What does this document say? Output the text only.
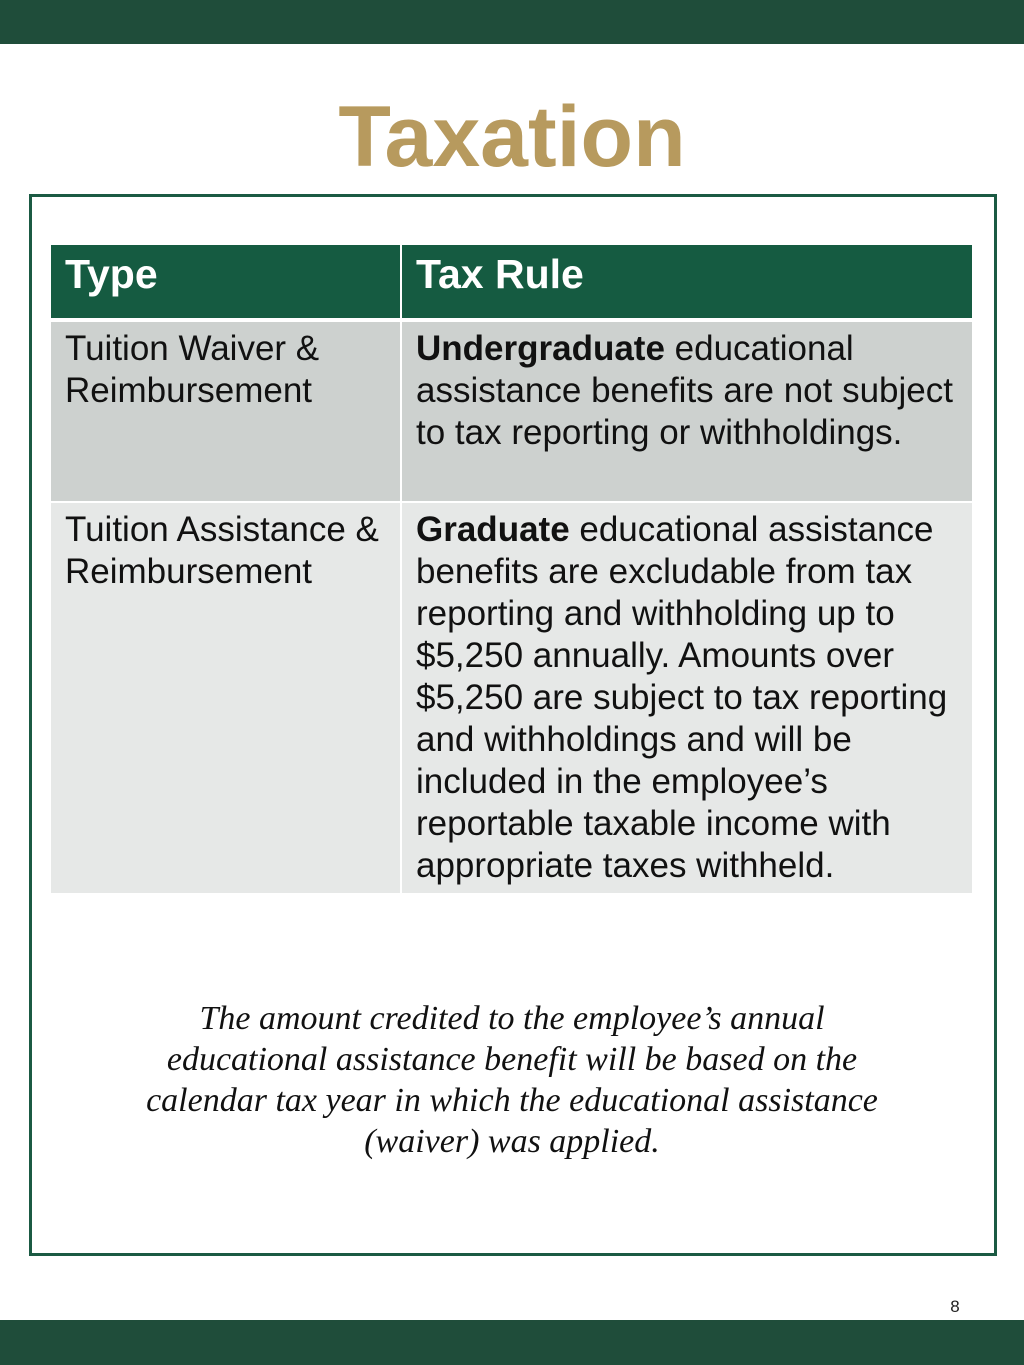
Taxation
Type	Tax Rule
Tuition Waiver & Reimbursement	Undergraduate educational assistance benefits are not subject to tax reporting or withholdings.
Tuition Assistance & Reimbursement	Graduate educational assistance benefits are excludable from tax reporting and withholding up to $5,250 annually. Amounts over $5,250 are subject to tax reporting and withholdings and will be included in the employee’s reportable taxable income with appropriate taxes withheld.
The amount credited to the employee’s annual educational assistance benefit will be based on the calendar tax year in which the educational assistance (waiver) was applied.
8
